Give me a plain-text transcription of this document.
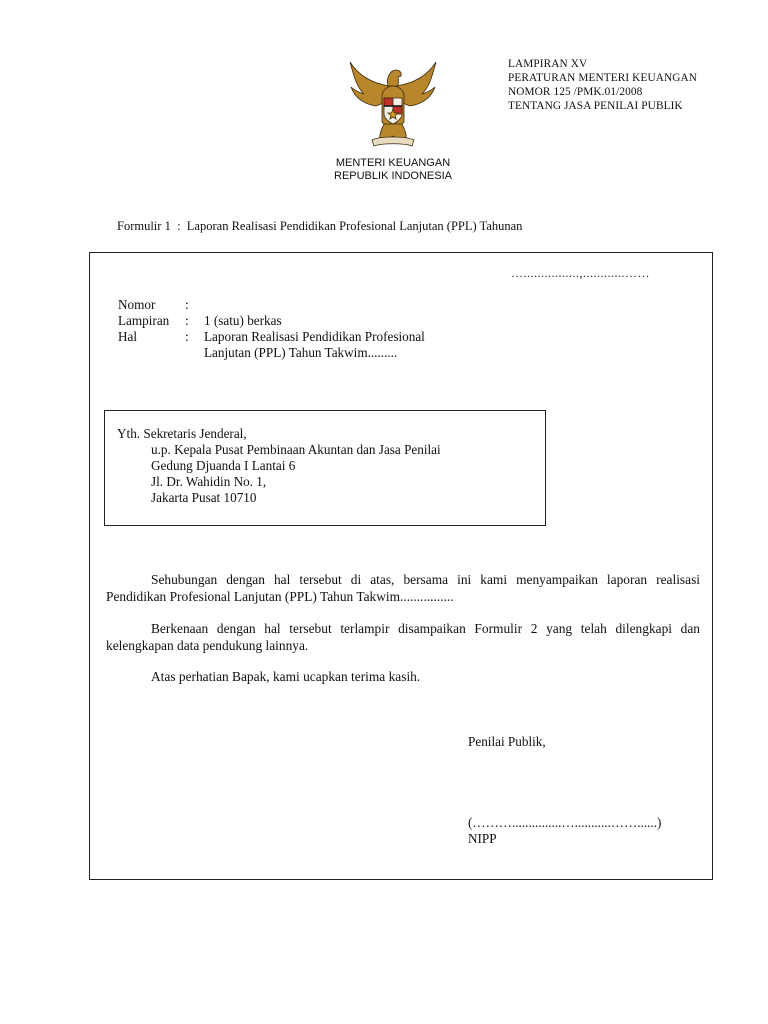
MENTERI KEUANGAN
REPUBLIK INDONESIA
LAMPIRAN XV
PERATURAN MENTERI KEUANGAN
NOMOR 125 /PMK.01/2008
TENTANG JASA PENILAI PUBLIK
Formulir 1  :  Laporan Realisasi Pendidikan Profesional Lanjutan (PPL) Tahunan
…................,............……
Nomor :
Lampiran : 1 (satu) berkas
Hal	: Laporan Realisasi Pendidikan Profesional
Lanjutan (PPL) Tahun Takwim.........
Yth. Sekretaris Jenderal,
u.p. Kepala Pusat Pembinaan Akuntan dan Jasa Penilai
Gedung Djuanda I Lantai 6
Jl. Dr. Wahidin No. 1,
Jakarta Pusat 10710
Sehubungan dengan hal tersebut di atas, bersama ini kami menyampaikan laporan realisasi Pendidikan Profesional Lanjutan (PPL) Tahun Takwim................
Berkenaan dengan hal tersebut terlampir disampaikan Formulir 2 yang telah dilengkapi dan kelengkapan data pendukung lainnya.
Atas perhatian Bapak, kami ucapkan terima kasih.
Penilai Publik,
(………...............…...........……......)
NIPP
